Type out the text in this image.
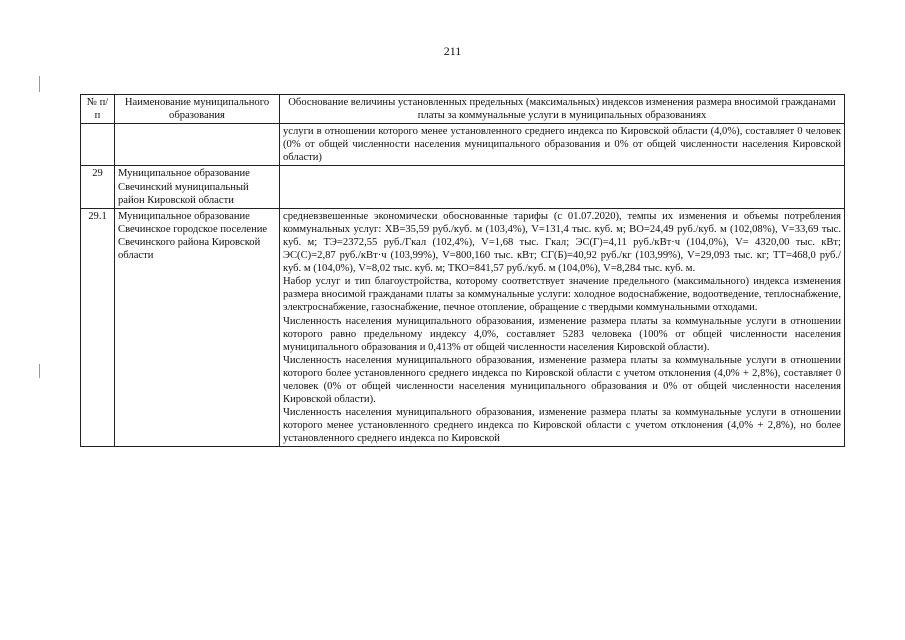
211
№ п/п	Наименование муниципального образования	Обоснование величины установленных предельных (максимальных) индексов изменения размера вносимой гражданами платы за коммунальные услуги в муниципальных образованиях

		услуги в отношении которого менее установленного среднего индекса по Кировской области (4,0%), составляет 0 человек (0% от общей численности населения муниципального образования и 0% от общей численности населения Кировской области)

29	Муниципальное образование Свечинский муниципальный район Кировской области	

29.1	Муниципальное образование Свечинское городское поселение Свечинского района Кировской области	средневзвешенные экономически обоснованные тарифы (с 01.07.2020), темпы их изменения и объемы потребления коммунальных услуг: ХВ=35,59 руб./куб. м (103,4%), V=131,4 тыс. куб. м; ВО=24,49 руб./куб. м (102,08%), V=33,69 тыс. куб. м; ТЭ=2372,55 руб./Гкал (102,4%), V=1,68 тыс. Гкал; ЭС(Г)=4,11 руб./кВт·ч (104,0%), V= 4320,00 тыс. кВт; ЭС(С)=2,87 руб./кВт·ч (103,99%), V=800,160 тыс. кВт; СГ(Б)=40,92 руб./кг (103,99%), V=29,093 тыс. кг; ТТ=468,0 руб./куб. м (104,0%), V=8,02 тыс. куб. м; ТКО=841,57 руб./куб. м (104,0%), V=8,284 тыс. куб. м.

Набор услуг и тип благоустройства, которому соответствует значение предельного (максимального) индекса изменения размера вносимой гражданами платы за коммунальные услуги: холодное водоснабжение, водоотведение, теплоснабжение, электроснабжение, газоснабжение, печное отопление, обращение с твердыми коммунальными отходами.

Численность населения муниципального образования, изменение размера платы за коммунальные услуги в отношении которого равно предельному индексу 4,0%, составляет 5283 человека (100% от общей численности населения муниципального образования и 0,413% от общей численности населения Кировской области).

Численность населения муниципального образования, изменение размера платы за коммунальные услуги в отношении которого более установленного среднего индекса по Кировской области с учетом отклонения (4,0% + 2,8%), составляет 0 человек (0% от общей численности населения муниципального образования и 0% от общей численности населения Кировской области).

Численность населения муниципального образования, изменение размера платы за коммунальные услуги в отношении которого менее установленного среднего индекса по Кировской области с учетом отклонения (4,0% + 2,8%), но более установленного среднего индекса по Кировской
